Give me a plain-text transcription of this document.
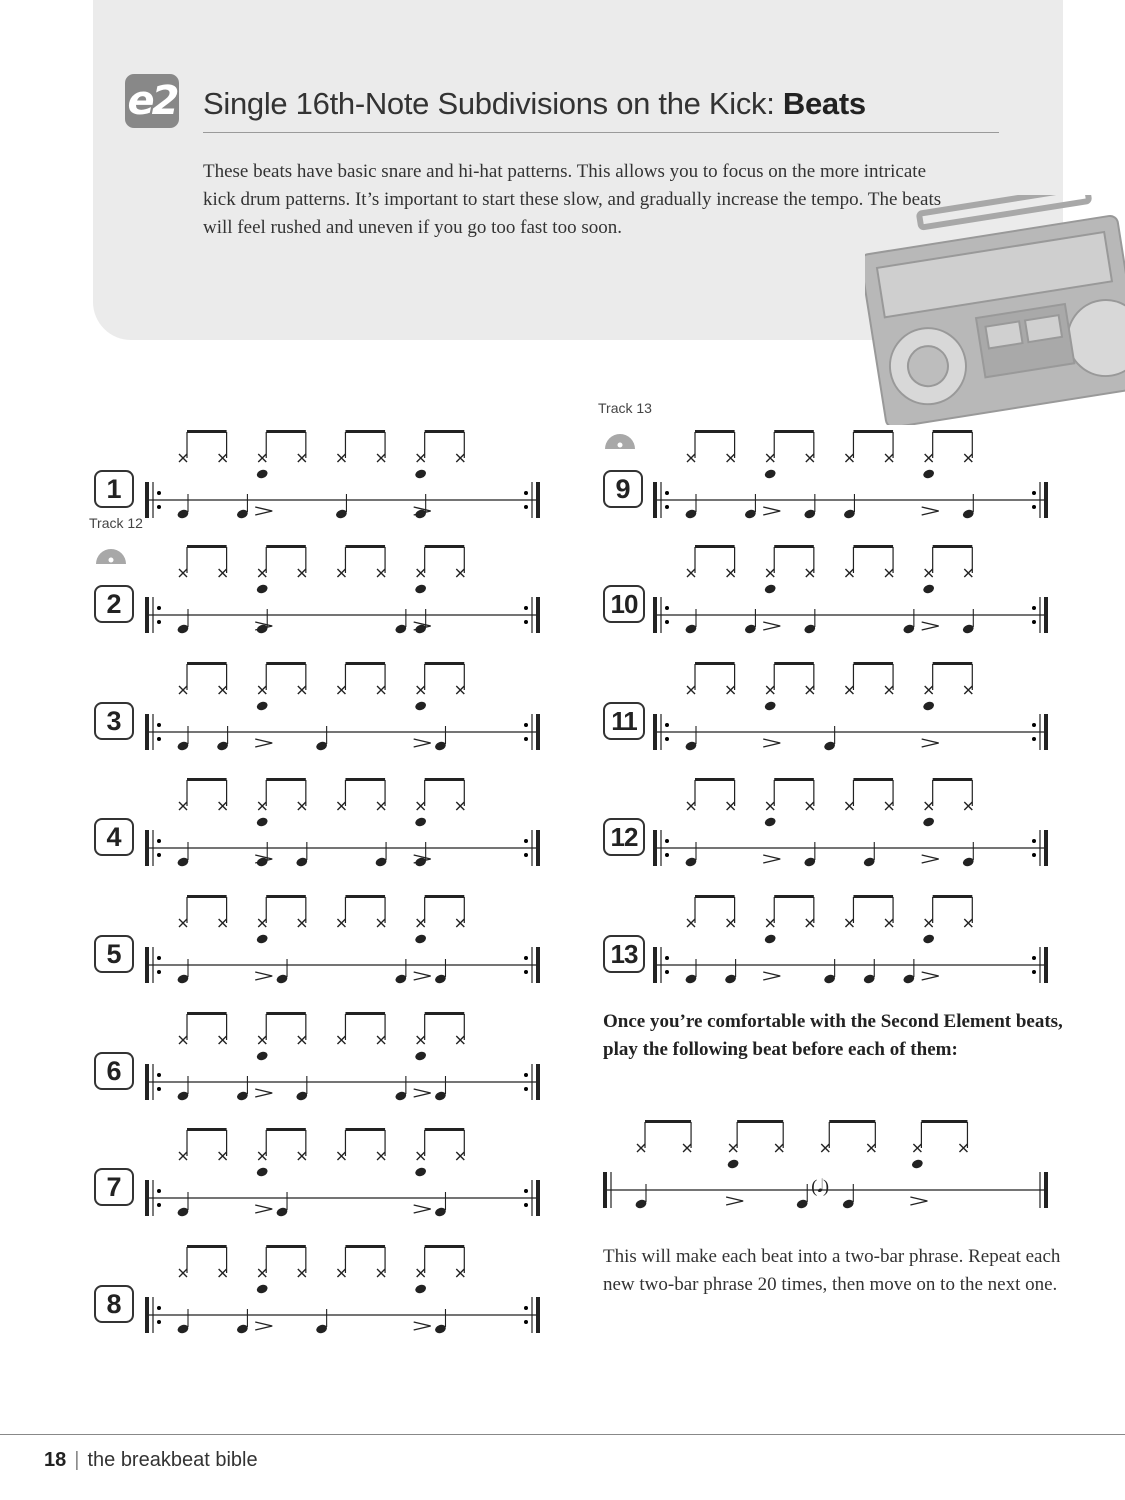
e2 Single 16th-Note Subdivisions on the Kick: Beats
These beats have basic snare and hi-hat patterns. This allows you to focus on the more intricate kick drum patterns. It’s important to start these slow, and gradually increase the tempo. The beats will feel rushed and uneven if you go too fast too soon.
1
2
Track 12
3
4
5
6
7
8
9
Track 13
10
11
12
13
Once you’re comfortable with the Second Element beats, play the following beat before each of them:
(𝅘𝅥)
This will make each beat into a two-bar phrase. Repeat each new two-bar phrase 20 times, then move on to the next one.
18 | the breakbeat bible
